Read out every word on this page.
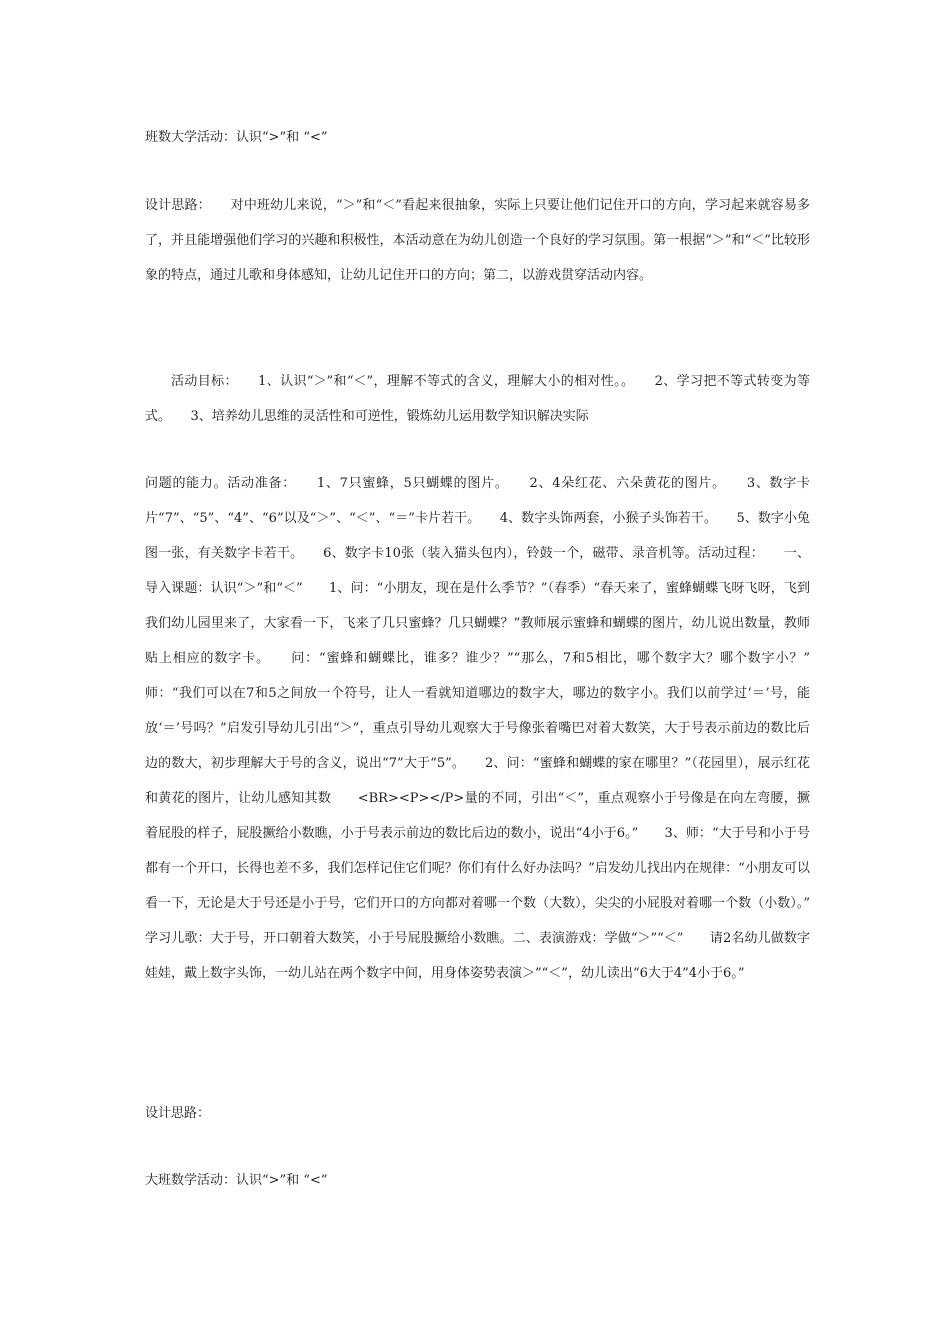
班数大学活动：认识“>”和 “<”

设计思路：　　对中班幼儿来说，“＞”和“＜”看起来很抽象，实际上只要让他们记住开口的方向，学习起来就容易多了，并且能增强他们学习的兴趣和积极性，本活动意在为幼儿创造一个良好的学习氛围。第一根据“＞”和“＜”比较形象的特点，通过儿歌和身体感知，让幼儿记住开口的方向；第二，以游戏贯穿活动内容。

活动目标：　　1、认识“＞”和“＜”，理解不等式的含义，理解大小的相对性。。　　2、学习把不等式转变为等式。　　3、培养幼儿思维的灵活性和可逆性，锻炼幼儿运用数学知识解决实际

问题的能力。活动准备：　　1、7只蜜蜂，5只蝴蝶的图片。　　2、4朵红花、六朵黄花的图片。　　3、数字卡片“7”、“5”、“4”、“6”以及“＞”、“＜”、“＝”卡片若干。　　4、数字头饰两套，小猴子头饰若干。　　5、数字小兔图一张，有关数字卡若干。　　6、数字卡10张（装入猫头包内），铃鼓一个，磁带、录音机等。活动过程：　　一、导入课题：认识“＞”和“＜”　　1、问：“小朋友，现在是什么季节？”（春季）“春天来了，蜜蜂蝴蝶飞呀飞呀，飞到我们幼儿园里来了，大家看一下，飞来了几只蜜蜂？几只蝴蝶？”教师展示蜜蜂和蝴蝶的图片，幼儿说出数量，教师贴上相应的数字卡。　　问：“蜜蜂和蝴蝶比，谁多？谁少？”“那么，7和5相比，哪个数字大？哪个数字小？”　　师：“我们可以在7和5之间放一个符号，让人一看就知道哪边的数字大，哪边的数字小。我们以前学过‘＝’号，能放‘＝’号吗？”启发引导幼儿引出“＞”，重点引导幼儿观察大于号像张着嘴巴对着大数笑，大于号表示前边的数比后边的数大，初步理解大于号的含义，说出“7”大于“5”。　　2、问：“蜜蜂和蝴蝶的家在哪里？”（花园里），展示红花和黄花的图片，让幼儿感知其数　　<BR><P></P>量的不同，引出“＜”，重点观察小于号像是在向左弯腰，撅着屁股的样子，屁股撅给小数瞧，小于号表示前边的数比后边的数小，说出“4小于6。”　　3、师：“大于号和小于号都有一个开口，长得也差不多，我们怎样记住它们呢？你们有什么好办法吗？”启发幼儿找出内在规律：“小朋友可以看一下，无论是大于号还是小于号，它们开口的方向都对着哪一个数（大数），尖尖的小屁股对着哪一个数（小数）。”　　学习儿歌：大于号，开口朝着大数笑，小于号屁股撅给小数瞧。二、表演游戏：学做“＞”“＜”　　请2名幼儿做数字娃娃，戴上数字头饰，一幼儿站在两个数字中间，用身体姿势表演＞”“＜”，幼儿读出“6大于4”4小于6。”

设计思路：

大班数学活动：认识“>”和 “<”
